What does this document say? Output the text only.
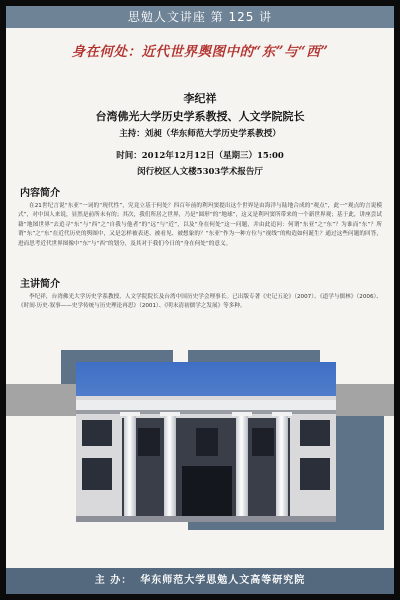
思勉人文讲座 第 125 讲
身在何处：近代世界舆图中的“东”与“西”
李纪祥
台湾佛光大学历史学系教授、人文学院院长
主持：刘昶（华东师范大学历史学系教授）
时间：2012年12月12日（星期三）15:00
闵行校区人文楼5303学术报告厅
内容简介
在21世纪言说“东亚”一词的“现代性”，究竟立基于何处？四百年前的利玛窦提出这个世界是由海洋与陆地合成的“观点”，此一“观点的言说模式”，对中国人来说，显然是前所未有的；其次，我们所居之世界，乃是“圆形”的“地球”，这又是利玛窦所带来的一个新世界观；基于此，讲座尝试藉“地图世界”去追寻“东”与“西”之“自我与他者”的“远”与“近”，以及“身在何处”这一问题，并由此追问：何谓“东亚”之“东”？为谁而“东”？所谓“东”之“东”在近代历史的舆图中，又是怎样被表述、被看见、被想象的？“东亚”作为一种方位与“视线”的构造如何诞生？通过这些问题的回答，进而思考近代世界图像中“东”与“西”的划分，及其对于我们今日的“身在何处”的意义。
主讲简介
李纪祥，台湾佛光大学历史学系教授、人文学院院长及台湾中国历史学会理事长。已出版专著《史记五论》（2007）、《道学与儒林》（2006）、《时间·历史·叙事——史学传统与历史理论再思》（2001）、《明末清初儒学之发展》等多种。
主 办： 华东师范大学思勉人文高等研究院
